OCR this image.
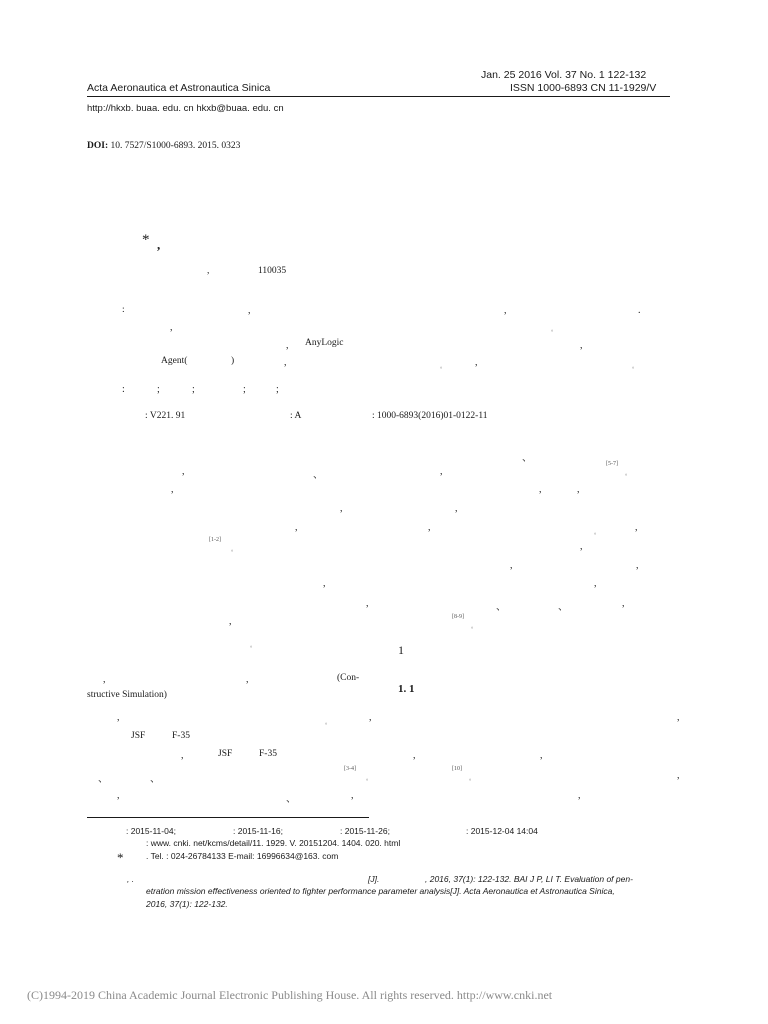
Jan. 25 2016 Vol. 37 No. 1 122-132
Acta Aeronautica et Astronautica Sinica	ISSN 1000-6893 CN 11-1929/V
http://hkxb. buaa. edu. cn hkxb@buaa. edu. cn
DOI: 10. 7527/S1000-6893. 2015. 0323
* ,
,	110035
:	,	,	.
,	。
, AnyLogic	,
Agent(	)	,	。	,	。
:	;	;	;	;
: V221. 91	: A	: 1000-6893(2016)01-0122-11
、
,	、	,
[5-7]
。
,	,	,
,	,
,	,	。	,
[1-2]
。	,
,	,
,	,
,	、	、	,
,	[8-9]
。
。	1
,	,	(Con-
1. 1
structive Simulation)
,	。	,	,
JSF	F-35
,	JSF	F-35	,	,
、	、
[3-4]
。
[10]
。	,
,	、	,	,
: 2015-11-04;	: 2015-11-16;	: 2015-11-26;	: 2015-12-04 14:04
: www. cnki. net/kcms/detail/11. 1929. V. 20151204. 1404. 020. html
*	. Tel. : 024-26784133 E-mail: 16996634@163. com
, .	[J].	, 2016, 37(1): 122-132. BAI J P, LI T. Evaluation of pen-
etration mission effectiveness oriented to fighter performance parameter analysis[J]. Acta Aeronautica et Astronautica Sinica,
2016, 37(1): 122-132.
(C)1994-2019 China Academic Journal Electronic Publishing House. All rights reserved. http://www.cnki.net
